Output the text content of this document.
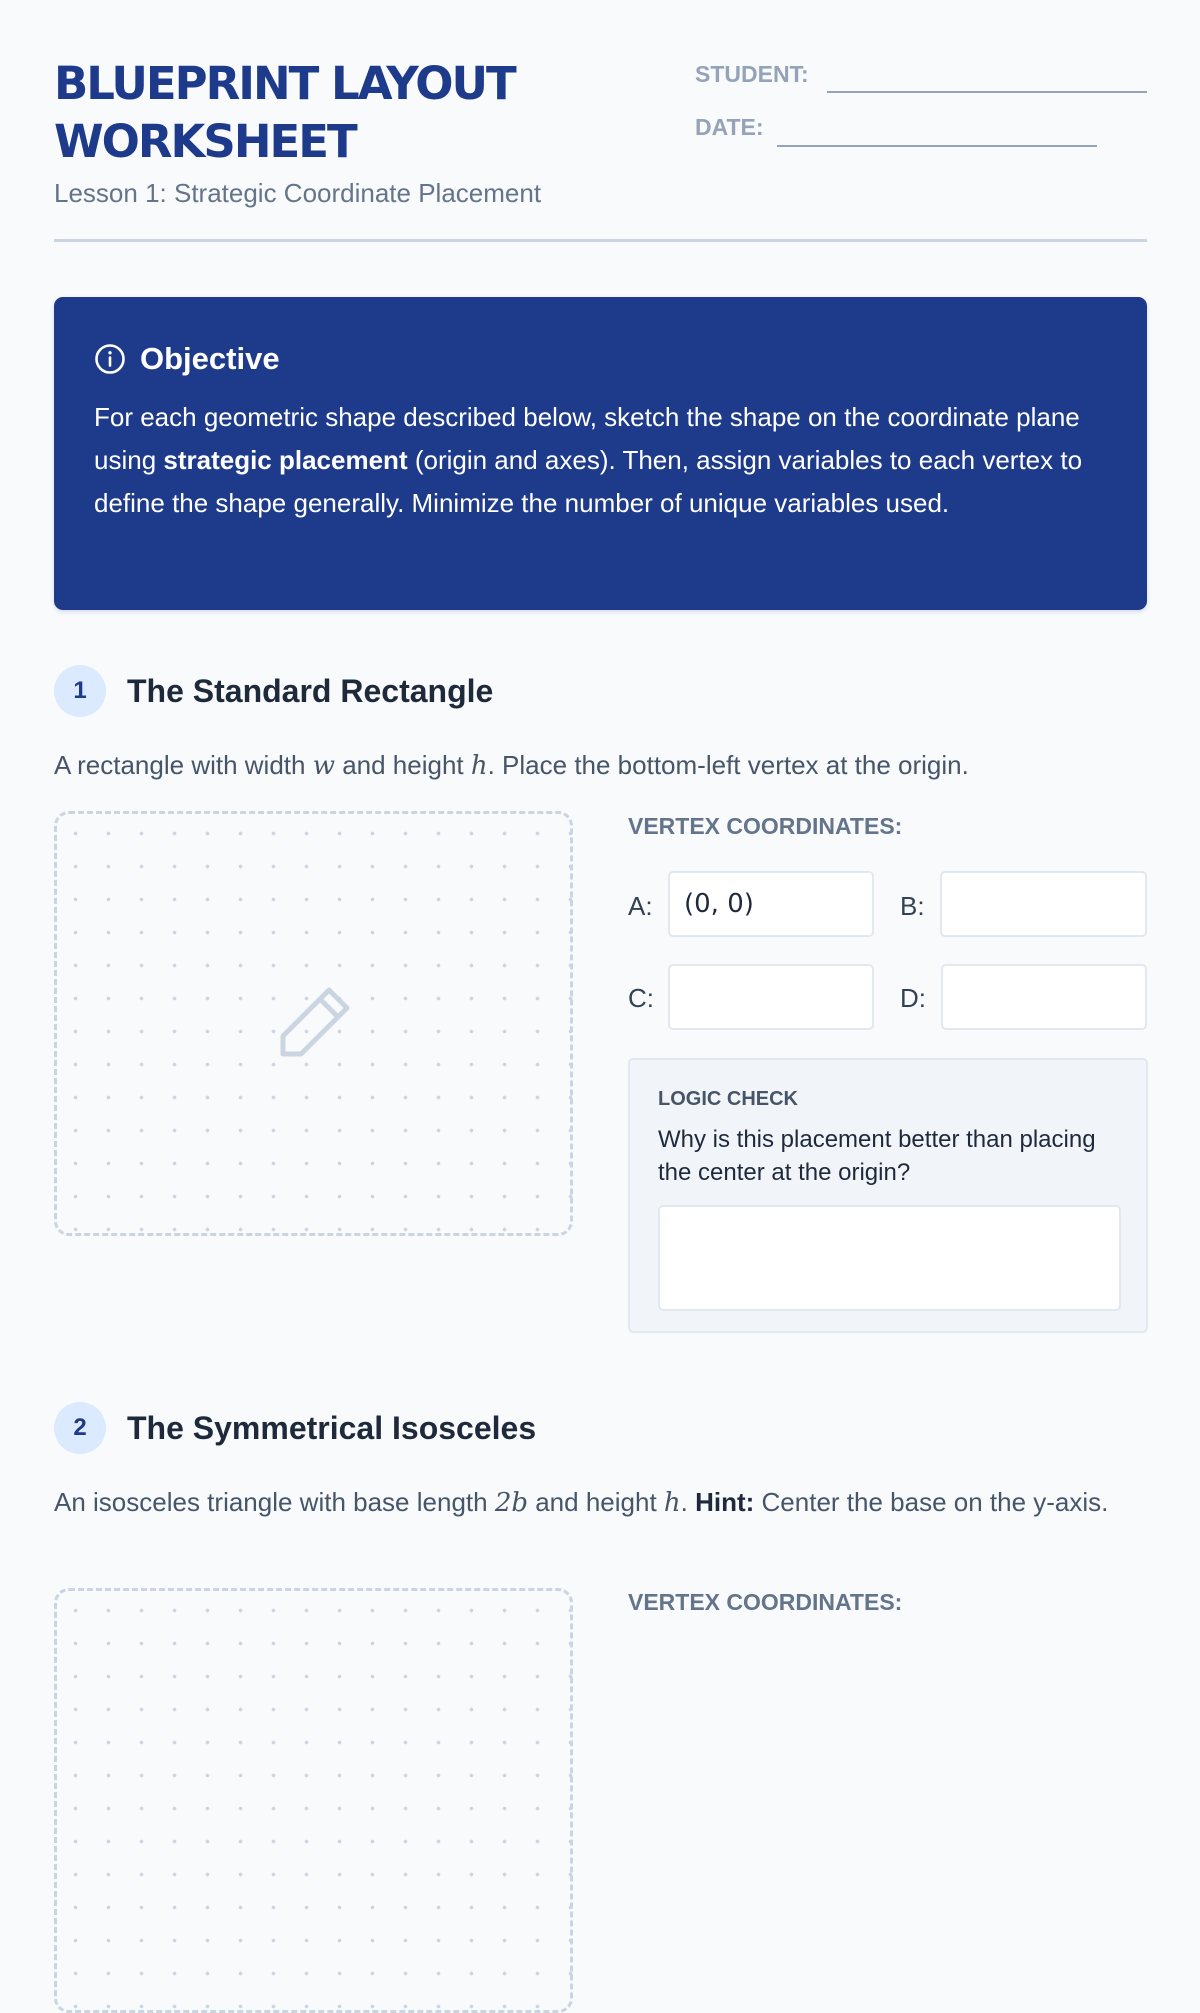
BLUEPRINT LAYOUT WORKSHEET
Lesson 1: Strategic Coordinate Placement
STUDENT:
DATE:
Objective

For each geometric shape described below, sketch the shape on the coordinate plane using strategic placement (origin and axes). Then, assign variables to each vertex to define the shape generally. Minimize the number of unique variables used.

1	The Standard Rectangle

A rectangle with width w and height h. Place the bottom-left vertex at the origin.

VERTEX COORDINATES:
A:	(0, 0)	B:
C:	D:
LOGIC CHECK
Why is this placement better than placing the center at the origin?
2	The Symmetrical Isosceles

An isosceles triangle with base length 2b and height h. Hint: Center the base on the y-axis.

VERTEX COORDINATES:
